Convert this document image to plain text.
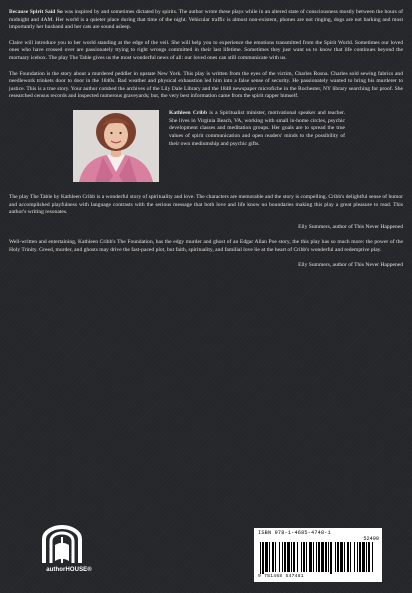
Because Spirit Said So was inspired by and sometimes dictated by spirits. The author wrote these plays while in an altered state of consciousness mostly between the hours of midnight and 4AM. Her world is a quieter place during that time of the night. Vehicular traffic is almost non-existent, phones are not ringing, dogs are not barking and most importantly her husband and her cats are sound asleep.

Claire will introduce you to her world standing at the edge of the veil. She will help you to experience the emotions transmitted from the Spirit World. Sometimes our loved ones who have crossed over are passionately trying to right wrongs committed in their last lifetime. Sometimes they just want us to know that life continues beyond the mortuary icebox. The play The Table gives us the most wonderful news of all: our loved ones can still communicate with us.

The Foundation is the story about a murdered peddler in upstate New York. This play is written from the eyes of the victim, Charles Rosna. Charles sold sewing fabrics and needlework trinkets door to door in the 1840s. Bad weather and physical exhaustion led him into a false sense of security. He passionately wanted to bring his murderer to justice. This is a true story. Your author combed the archives of the Lily Dale Library and the 1848 newspaper microfiche in the Rochester, NY library searching for proof. She researched census records and inspected numerous graveyards; but, the very best information came from the spirit rapper himself.

Kathleen Cribb is a Spiritualist minister, motivational speaker and teacher. She lives in Virginia Beach, VA, working with small in-home circles, psychic development classes and meditation groups. Her goals are to spread the true values of spirit communication and open readers' minds to the possibility of their own mediumship and psychic gifts.

The play The Table by Kathleen Cribb is a wonderful story of spirituality and love. The characters are memorable and the story is compelling. Cribb's delightful sense of humor and accomplished playfulness with language contrasts with the serious message that both love and life know no boundaries making this play a great pleasure to read. This author's writing resonates.

Elly Summers, author of This Never Happened

Well-written and entertaining, Kathleen Cribb's The Foundation, has the edgy murder and ghost of an Edgar Allan Poe story, the this play has so much more: the power of the Holy Trinity. Greed, murder, and ghosts may drive the fast-paced plot, but faith, spirituality, and familial love lie at the heart of Cribb's wonderful and redemptive play.

Elly Summers, author of This Never Happened

authorHOUSE®
ISBN 978-1-4685-4748-1
52499
9 781468 547481
